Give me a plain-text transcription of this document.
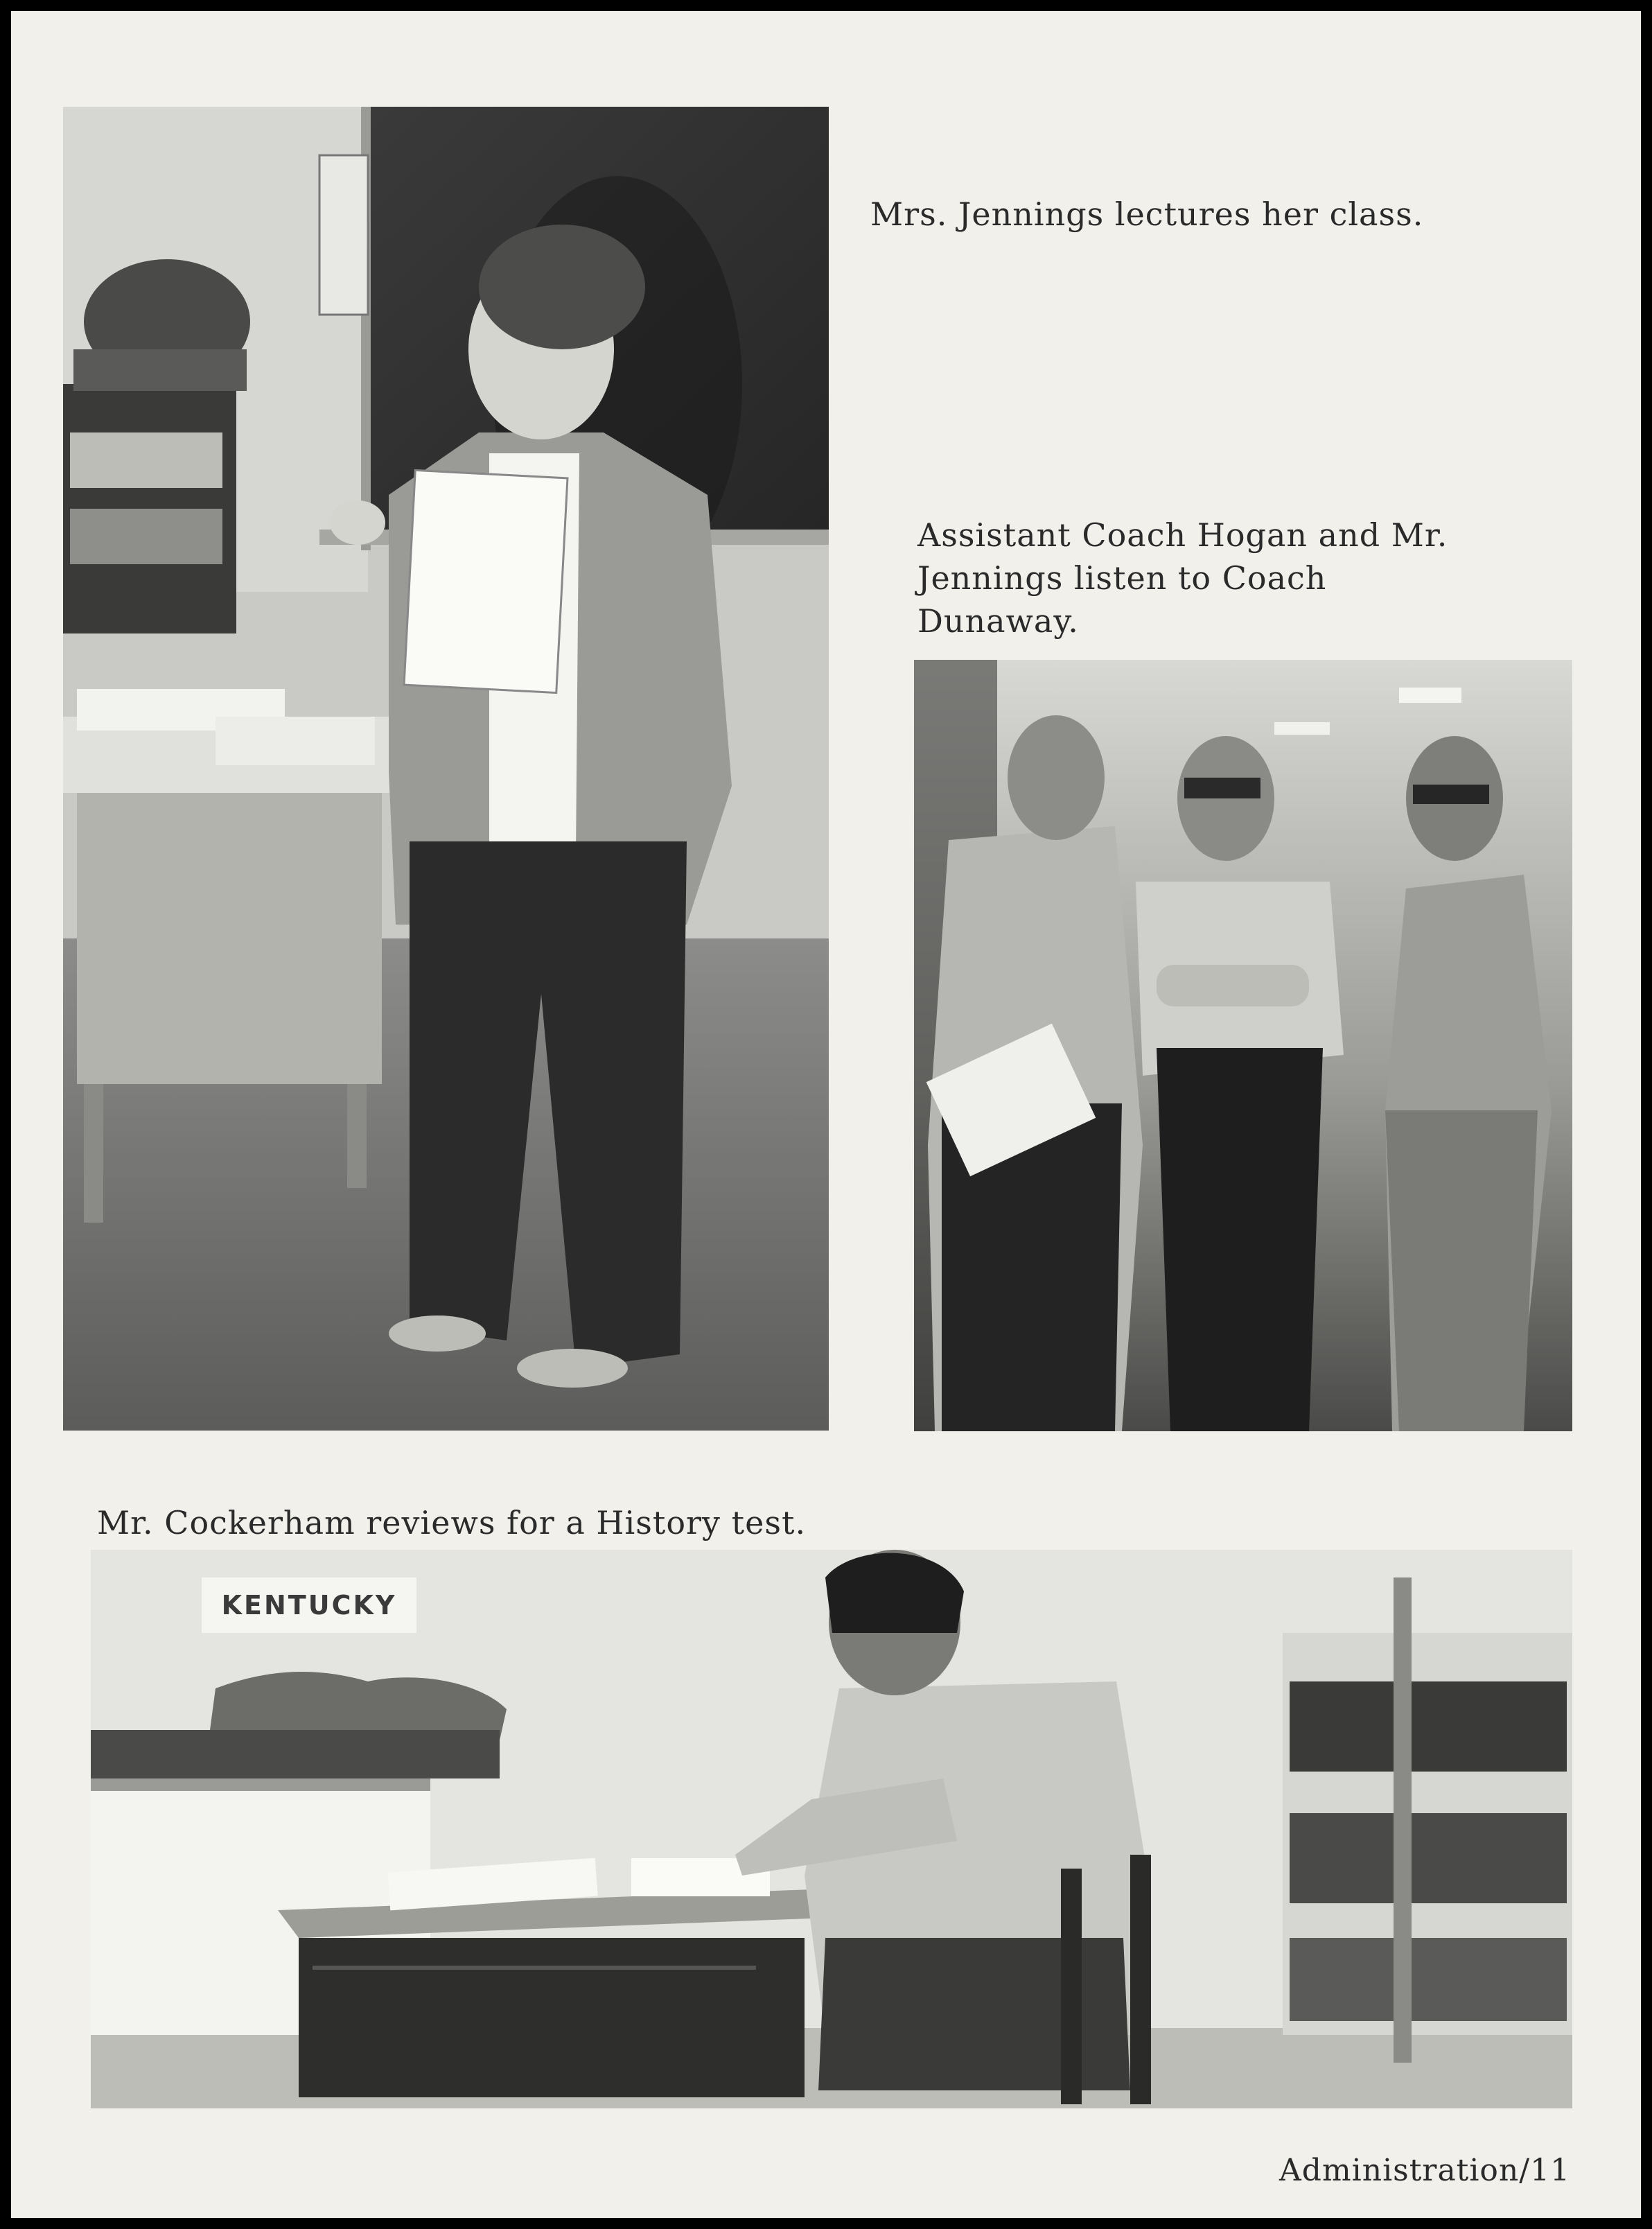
Mrs. Jennings lectures her class.

Assistant Coach Hogan and Mr.

Jennings listen to Coach

Dunaway.

Mr. Cockerham reviews for a History test.

KENTUCKY
Administration/11
